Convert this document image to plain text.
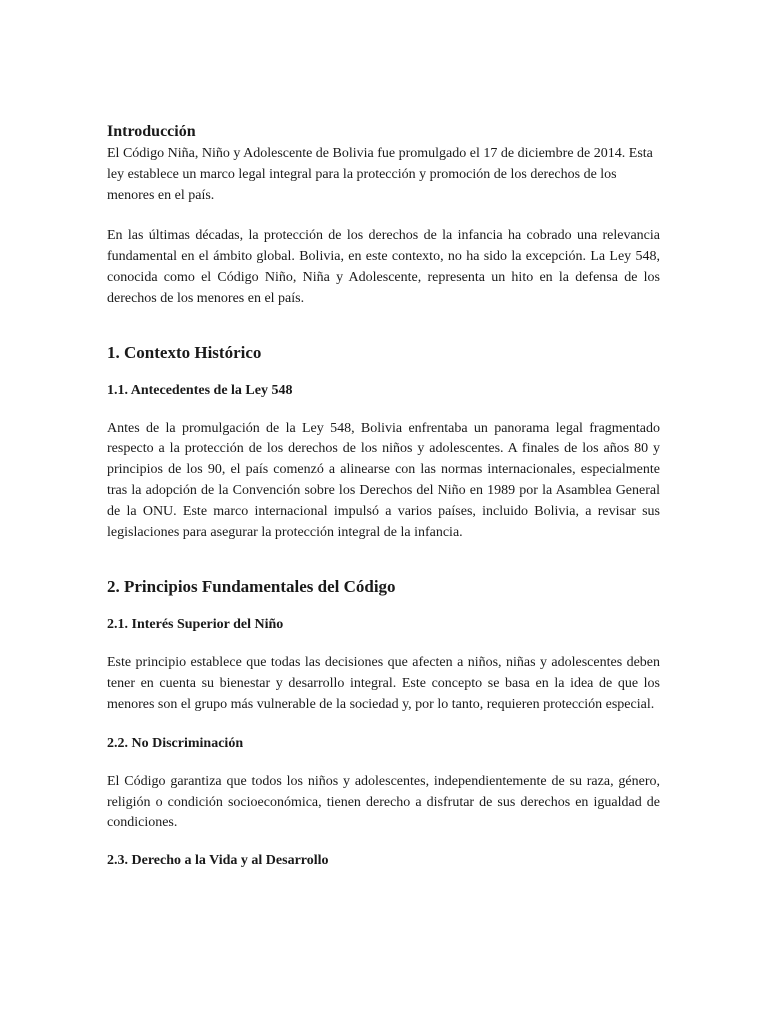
Introducción

El Código Niña, Niño y Adolescente de Bolivia fue promulgado el 17 de diciembre de 2014. Esta ley establece un marco legal integral para la protección y promoción de los derechos de los menores en el país.

En las últimas décadas, la protección de los derechos de la infancia ha cobrado una relevancia fundamental en el ámbito global. Bolivia, en este contexto, no ha sido la excepción. La Ley 548, conocida como el Código Niño, Niña y Adolescente, representa un hito en la defensa de los derechos de los menores en el país.

1. Contexto Histórico
1.1. Antecedentes de la Ley 548

Antes de la promulgación de la Ley 548, Bolivia enfrentaba un panorama legal fragmentado respecto a la protección de los derechos de los niños y adolescentes. A finales de los años 80 y principios de los 90, el país comenzó a alinearse con las normas internacionales, especialmente tras la adopción de la Convención sobre los Derechos del Niño en 1989 por la Asamblea General de la ONU. Este marco internacional impulsó a varios países, incluido Bolivia, a revisar sus legislaciones para asegurar la protección integral de la infancia.

2. Principios Fundamentales del Código
2.1. Interés Superior del Niño

Este principio establece que todas las decisiones que afecten a niños, niñas y adolescentes deben tener en cuenta su bienestar y desarrollo integral. Este concepto se basa en la idea de que los menores son el grupo más vulnerable de la sociedad y, por lo tanto, requieren protección especial.

2.2. No Discriminación

El Código garantiza que todos los niños y adolescentes, independientemente de su raza, género, religión o condición socioeconómica, tienen derecho a disfrutar de sus derechos en igualdad de condiciones.

2.3. Derecho a la Vida y al Desarrollo
